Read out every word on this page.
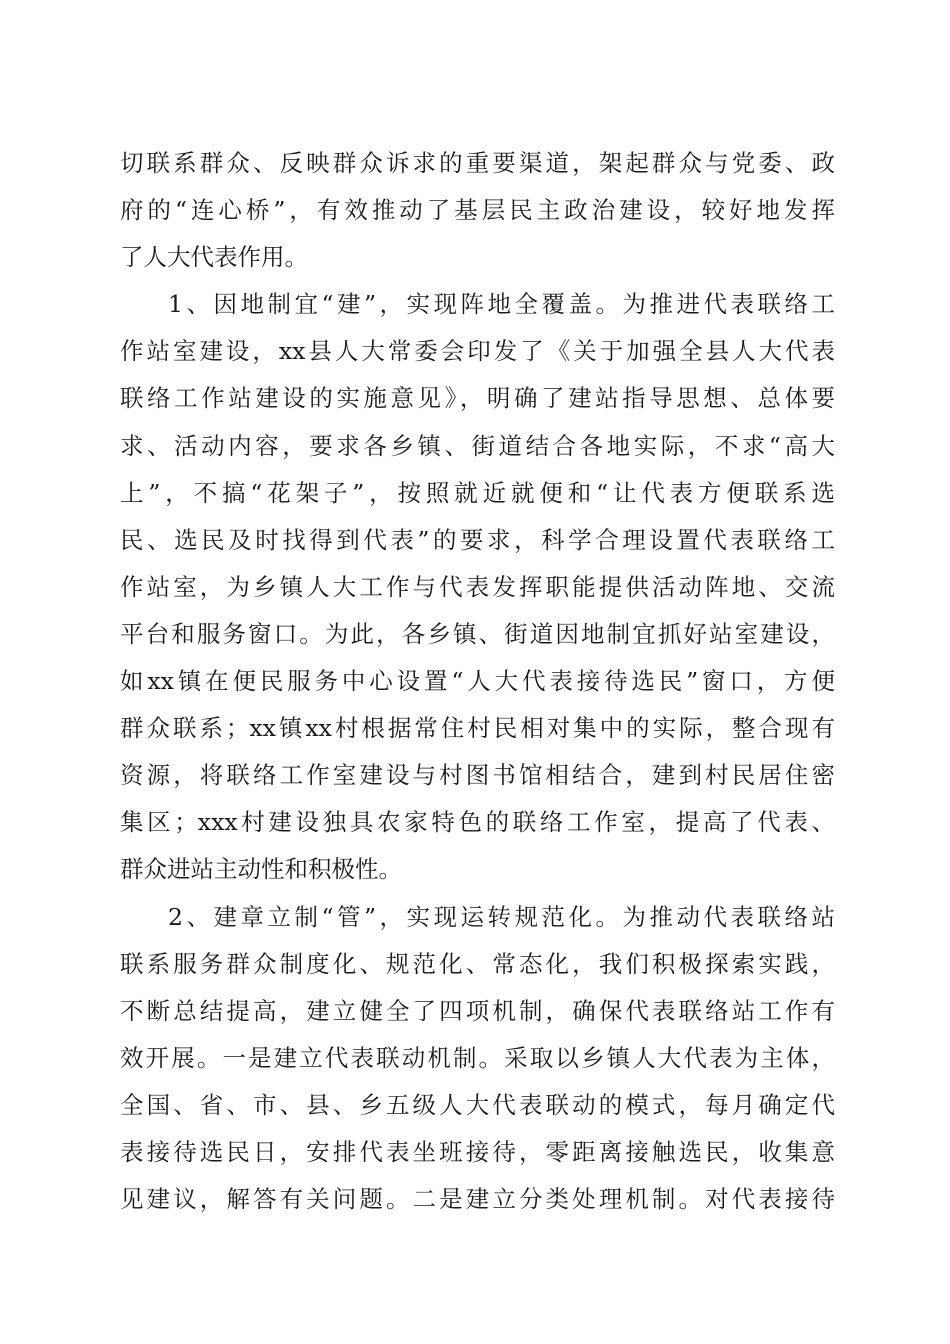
切联系群众、反映群众诉求的重要渠道，架起群众与党委、政
府的“连心桥”，有效推动了基层民主政治建设，较好地发挥
了人大代表作用。
1、因地制宜“建”，实现阵地全覆盖。为推进代表联络工
作站室建设，xx县人大常委会印发了《关于加强全县人大代表
联络工作站建设的实施意见》，明确了建站指导思想、总体要
求、活动内容，要求各乡镇、街道结合各地实际，不求“高大
上”，不搞“花架子”，按照就近就便和“让代表方便联系选
民、选民及时找得到代表”的要求，科学合理设置代表联络工
作站室，为乡镇人大工作与代表发挥职能提供活动阵地、交流
平台和服务窗口。为此，各乡镇、街道因地制宜抓好站室建设，
如xx镇在便民服务中心设置“人大代表接待选民”窗口，方便
群众联系；xx镇xx村根据常住村民相对集中的实际，整合现有
资源，将联络工作室建设与村图书馆相结合，建到村民居住密
集区；xxx村建设独具农家特色的联络工作室，提高了代表、
群众进站主动性和积极性。
2、建章立制“管”，实现运转规范化。为推动代表联络站
联系服务群众制度化、规范化、常态化，我们积极探索实践，
不断总结提高，建立健全了四项机制，确保代表联络站工作有
效开展。一是建立代表联动机制。采取以乡镇人大代表为主体，
全国、省、市、县、乡五级人大代表联动的模式，每月确定代
表接待选民日，安排代表坐班接待，零距离接触选民，收集意
见建议，解答有关问题。二是建立分类处理机制。对代表接待
